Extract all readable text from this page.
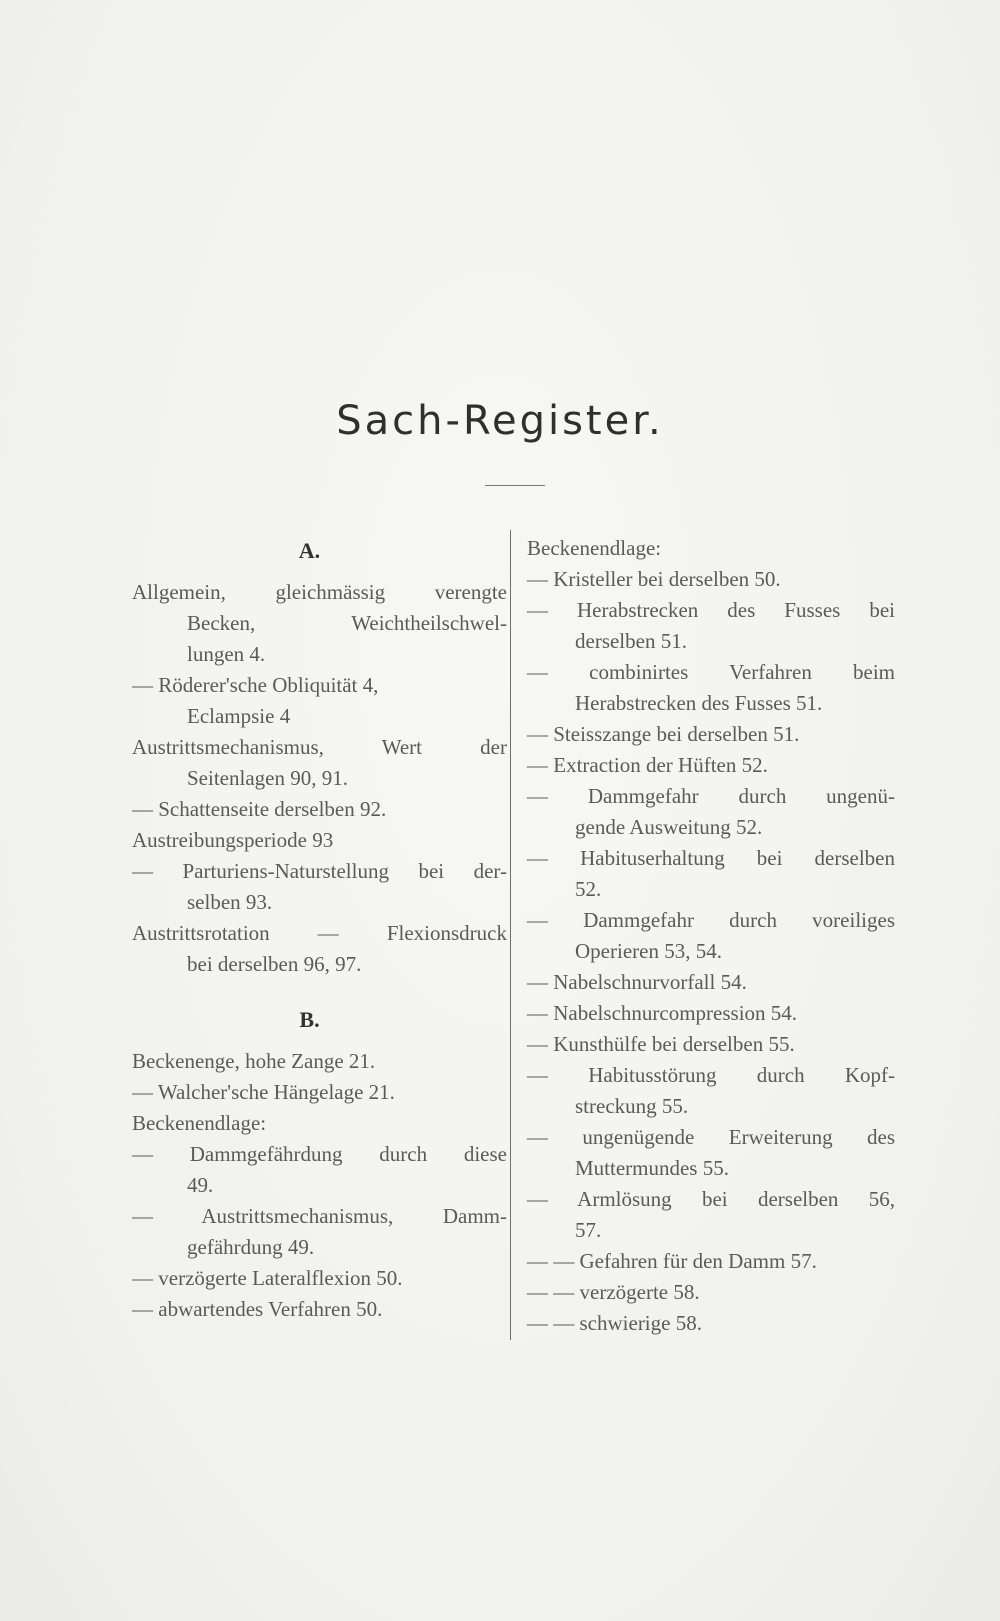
Sach-Register.
A.
Allgemein, gleichmässig verengte
Becken, Weichtheilschwel-
lungen 4.
— Röderer'sche Obliquität 4,
Eclampsie 4
Austrittsmechanismus, Wert der
Seitenlagen 90, 91.
— Schattenseite derselben 92.
Austreibungsperiode 93
— Parturiens-Naturstellung bei der-
selben 93.
Austrittsrotation — Flexionsdruck
bei derselben 96, 97.
B.
Beckenenge, hohe Zange 21.
— Walcher'sche Hängelage 21.
Beckenendlage:
— Dammgefährdung durch diese
49.
— Austrittsmechanismus, Damm-
gefährdung 49.
— verzögerte Lateralflexion 50.
— abwartendes Verfahren 50.
Beckenendlage:
— Kristeller bei derselben 50.
— Herabstrecken des Fusses bei
derselben 51.
— combinirtes Verfahren beim
Herabstrecken des Fusses 51.
— Steisszange bei derselben 51.
— Extraction der Hüften 52.
— Dammgefahr durch ungenü-
gende Ausweitung 52.
— Habituserhaltung bei derselben
52.
— Dammgefahr durch voreiliges
Operieren 53, 54.
— Nabelschnurvorfall 54.
— Nabelschnurcompression 54.
— Kunsthülfe bei derselben 55.
— Habitusstörung durch Kopf-
streckung 55.
— ungenügende Erweiterung des
Muttermundes 55.
— Armlösung bei derselben 56,
57.
— — Gefahren für den Damm 57.
— — verzögerte 58.
— — schwierige 58.
